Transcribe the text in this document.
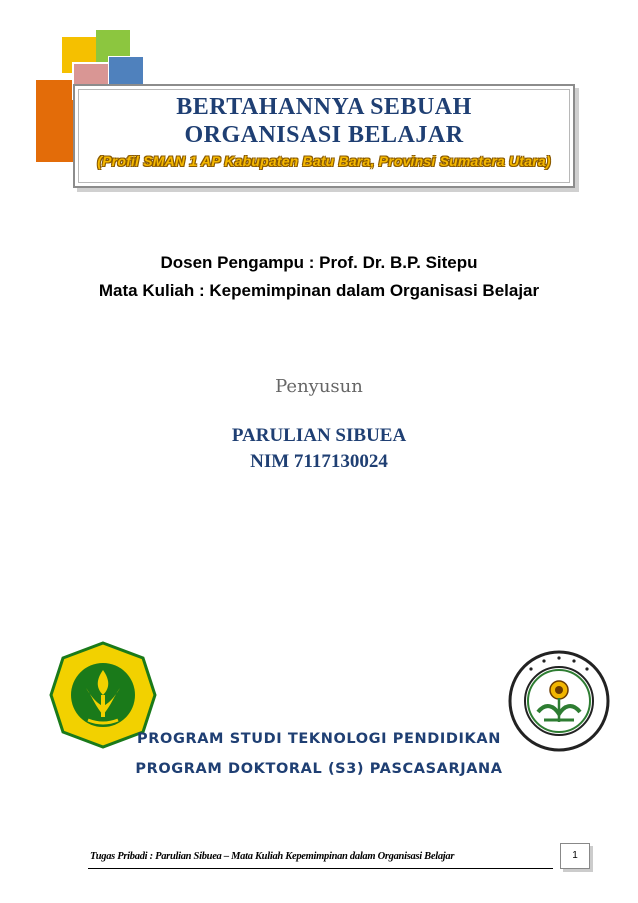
BERTAHANNYA SEBUAH
ORGANISASI BELAJAR
(Profil SMAN 1 AP Kabupaten Batu Bara, Provinsi Sumatera Utara)
Dosen Pengampu : Prof. Dr. B.P. Sitepu
Mata Kuliah : Kepemimpinan dalam Organisasi Belajar
Penyusun
PARULIAN SIBUEA
NIM 7117130024
PROGRAM STUDI TEKNOLOGI PENDIDIKAN
PROGRAM DOKTORAL (S3) PASCASARJANA
Tugas Pribadi : Parulian Sibuea – Mata Kuliah Kepemimpinan dalam Organisasi Belajar	1
